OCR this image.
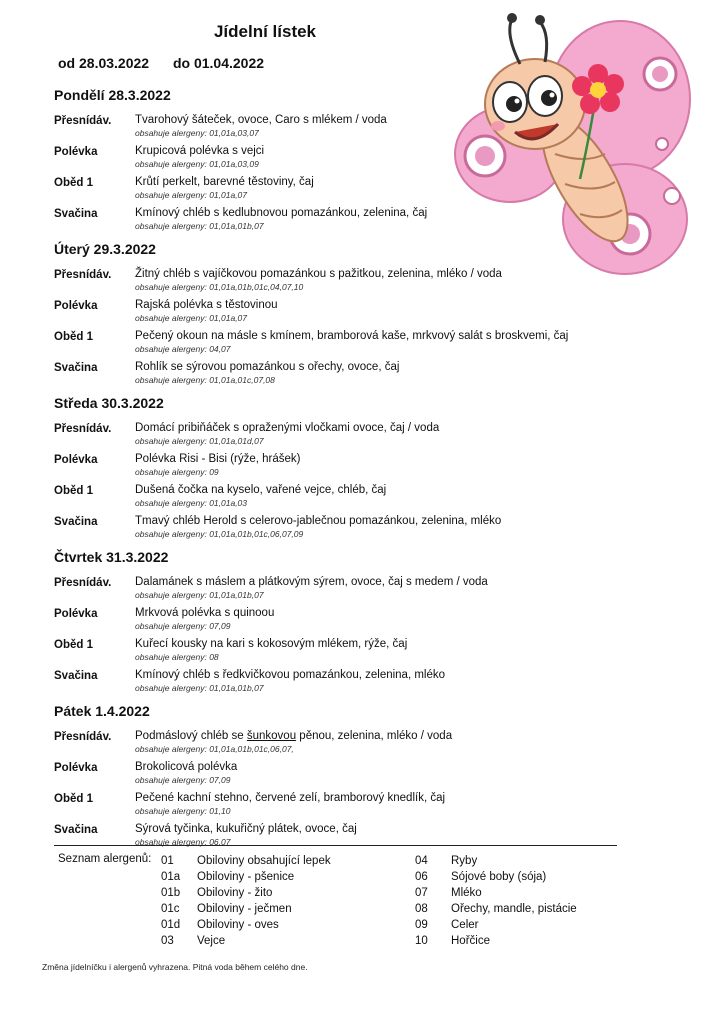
Jídelní lístek
od 28.03.2022 do 01.04.2022
Pondělí 28.3.2022
Přesnídáv.	Tvarohový šáteček, ovoce, Caro s mlékem / voda
obsahuje alergeny: 01,01a,03,07
Polévka	Krupicová polévka s vejci
obsahuje alergeny: 01,01a,03,09
Oběd 1	Krůtí perkelt, barevné těstoviny, čaj
obsahuje alergeny: 01,01a,07
Svačina	Kmínový chléb s kedlubnovou pomazánkou, zelenina, čaj
obsahuje alergeny: 01,01a,01b,07
Úterý 29.3.2022
Přesnídáv.	Žitný chléb s vajíčkovou pomazánkou s pažitkou, zelenina, mléko / voda
obsahuje alergeny: 01,01a,01b,01c,04,07,10
Polévka	Rajská polévka s těstovinou
obsahuje alergeny: 01,01a,07
Oběd 1	Pečený okoun na másle s kmínem, bramborová kaše, mrkvový salát s broskvemi, čaj
obsahuje alergeny: 04,07
Svačina	Rohlík se sýrovou pomazánkou s ořechy, ovoce, čaj
obsahuje alergeny: 01,01a,01c,07,08
Středa 30.3.2022
Přesnídáv.	Domácí pribiňáček s opraženými vločkami ovoce, čaj / voda
obsahuje alergeny: 01,01a,01d,07
Polévka	Polévka Risi - Bisi (rýže, hrášek)
obsahuje alergeny: 09
Oběd 1	Dušená čočka na kyselo, vařené vejce, chléb, čaj
obsahuje alergeny: 01,01a,03
Svačina	Tmavý chléb Herold s celerovo-jablečnou pomazánkou, zelenina, mléko
obsahuje alergeny: 01,01a,01b,01c,06,07,09
Čtvrtek 31.3.2022
Přesnídáv.	Dalamánek s máslem a plátkovým sýrem, ovoce, čaj s medem / voda
obsahuje alergeny: 01,01a,01b,07
Polévka	Mrkvová polévka s quinoou
obsahuje alergeny: 07,09
Oběd 1	Kuřecí kousky na kari s kokosovým mlékem, rýže, čaj
obsahuje alergeny: 08
Svačina	Kmínový chléb s ředkvičkovou pomazánkou, zelenina, mléko
obsahuje alergeny: 01,01a,01b,07
Pátek 1.4.2022
Přesnídáv.	Podmáslový chléb se šunkovou pěnou, zelenina, mléko / voda
obsahuje alergeny: 01,01a,01b,01c,06,07,
Polévka	Brokolicová polévka
obsahuje alergeny: 07,09
Oběd 1	Pečené kachní stehno, červené zelí, bramborový knedlík, čaj
obsahuje alergeny: 01,10
Svačina	Sýrová tyčinka, kukuřičný plátek, ovoce, čaj
obsahuje alergeny: 06,07
Seznam alergenů: 01 Obiloviny obsahující lepek
01a Obiloviny - pšenice
01b Obiloviny - žito
01c Obiloviny - ječmen
01d Obiloviny - oves
03 Vejce
04 Ryby
06 Sójové boby (sója)
07 Mléko
08 Ořechy, mandle, pistácie
09 Celer
10 Hořčice
Změna jídelníčku i alergenů vyhrazena. Pitná voda během celého dne.
